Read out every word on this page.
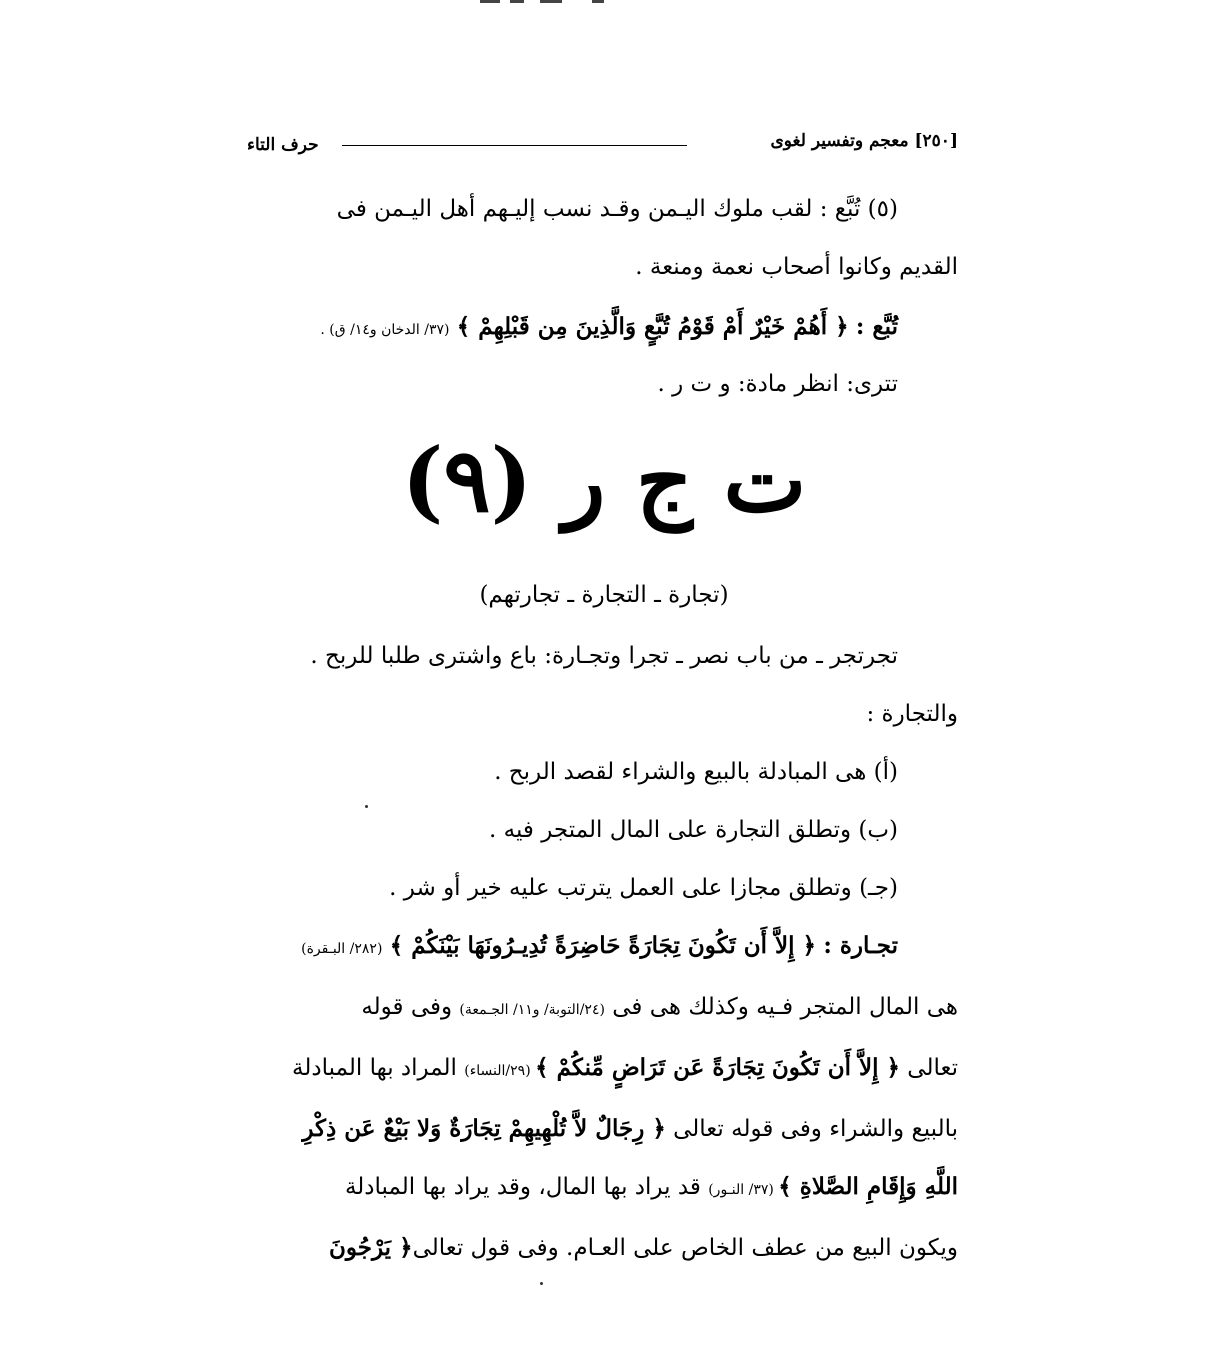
[٢٥٠] معجم وتفسير لغوى
حرف التاء
(٥) تُبَّع : لقب ملوك اليـمن وقـد نسب إليـهم أهل اليـمن فى
القديم وكانوا أصحاب نعمة ومنعة .
تُبَّع : ﴿ أَهُمْ خَيْرٌ أَمْ قَوْمُ تُبَّعٍ وَالَّذِينَ مِن قَبْلِهِمْ ﴾ (٣٧/ الدخان و١٤/ ق) .
تترى: انظر مادة: و ت ر .
ت ج ر (٩)
(تجارة ـ التجارة ـ تجارتهم)
تجرتجر ـ من باب نصر ـ تجرا وتجـارة: باع واشترى طلبا للربح .
والتجارة :
(أ) هى المبادلة بالبيع والشراء لقصد الربح .
(ب) وتطلق التجارة على المال المتجر فيه .
(جـ) وتطلق مجازا على العمل يترتب عليه خير أو شر .
تجـارة : ﴿ إِلاَّ أَن تَكُونَ تِجَارَةً حَاضِرَةً تُدِيـرُونَهَا بَيْنَكُمْ ﴾ (٢٨٢/ البـقرة)
هى المال المتجر فـيه وكذلك هى فى (٢٤/التوبة/ و١١/ الجـمعة) وفى قوله
تعالى ﴿ إِلاَّ أَن تَكُونَ تِجَارَةً عَن تَرَاضٍ مِّنكُمْ ﴾ (٢٩/النساء) المراد بها المبادلة
بالبيع والشراء وفى قوله تعالى ﴿ رِجَالٌ لاَّ تُلْهِيهِمْ تِجَارَةٌ وَلا بَيْعٌ عَن ذِكْرِ
اللَّهِ وَإِقَامِ الصَّلاةِ ﴾ (٣٧/ النـور) قد يراد بها المال، وقد يراد بها المبادلة
ويكون البيع من عطف الخاص على العـام. وفى قول تعالى﴿ يَرْجُونَ
